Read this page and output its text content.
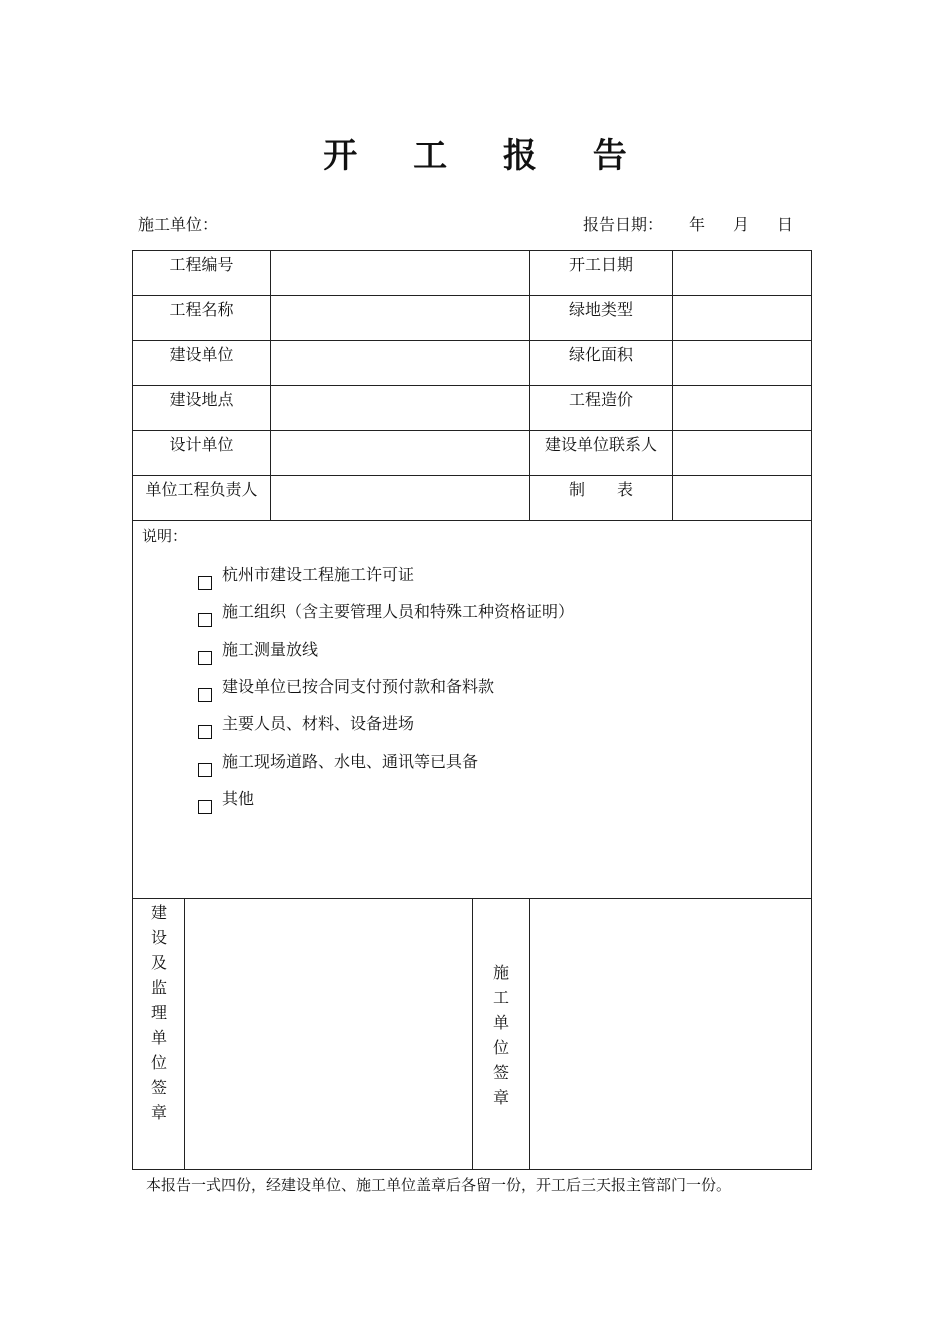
开 工 报 告
施工单位：	报告日期： 年 月 日
工程编号	开工日期
工程名称	绿地类型
建设单位	绿化面积
建设地点	工程造价
设计单位	建设单位联系人
单位工程负责人	制　　表
说明：
杭州市建设工程施工许可证
施工组织（含主要管理人员和特殊工种资格证明）
施工测量放线
建设单位已按合同支付预付款和备料款
主要人员、材料、设备进场
施工现场道路、水电、通讯等已具备
其他
建设及监理单位签章
施工单位签章
本报告一式四份，经建设单位、施工单位盖章后各留一份，开工后三天报主管部门一份。
